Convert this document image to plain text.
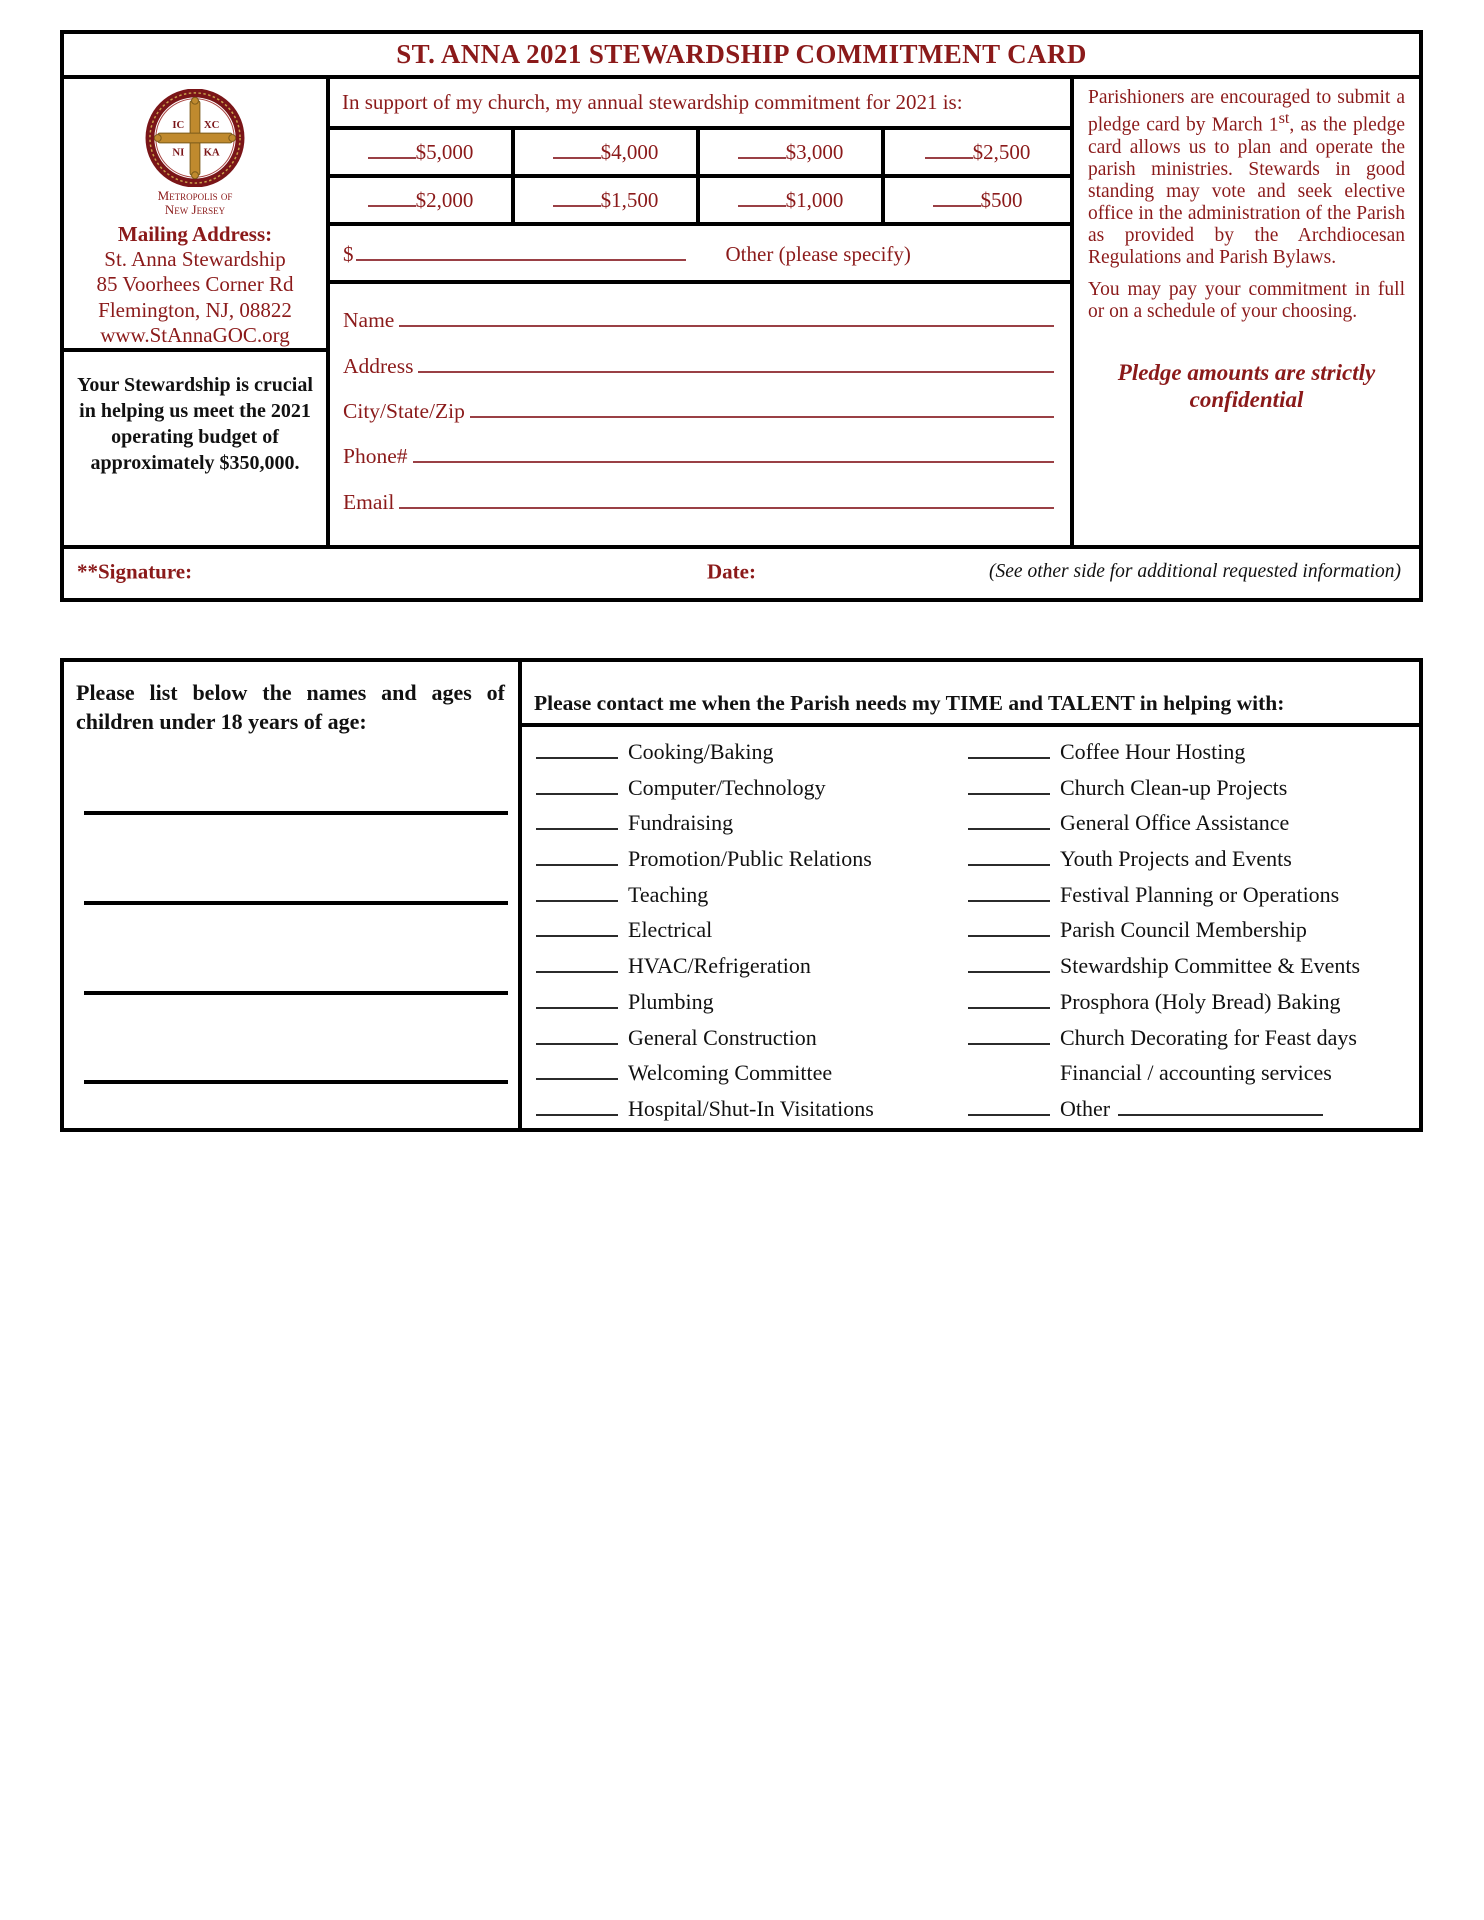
ST. ANNA 2021 STEWARDSHIP COMMITMENT CARD
IC XC
NI KA
Metropolis of
New Jersey
Mailing Address:
St. Anna Stewardship
85 Voorhees Corner Rd
Flemington, NJ, 08822
www.StAnnaGOC.org
Your Stewardship is crucial in helping us meet the 2021 operating budget of approximately $350,000.
In support of my church, my annual stewardship commitment for 2021 is:
$5,000	$4,000	$3,000	$2,500
$2,000	$1,500	$1,000	$500
$	Other (please specify)
Name
Address
City/State/Zip
Phone#
Email

Parishioners are encouraged to submit a pledge card by March 1st, as the pledge card allows us to plan and operate the parish ministries. Stewards in good standing may vote and seek elective office in the administration of the Parish as provided by the Archdiocesan Regulations and Parish Bylaws.

You may pay your commitment in full or on a schedule of your choosing.

Pledge amounts are strictly confidential
**Signature:	Date:	(See other side for additional requested information)
Please list below the names and ages of children under 18 years of age:
Please contact me when the Parish needs my TIME and TALENT in helping with:
Cooking/Baking
Computer/Technology
Fundraising
Promotion/Public Relations
Teaching
Electrical
HVAC/Refrigeration
Plumbing
General Construction
Welcoming Committee
Hospital/Shut-In Visitations
Coffee Hour Hosting
Church Clean-up Projects
General Office Assistance
Youth Projects and Events
Festival Planning or Operations
Parish Council Membership
Stewardship Committee & Events
Prosphora (Holy Bread) Baking
Church Decorating for Feast days
Financial / accounting services
Other
